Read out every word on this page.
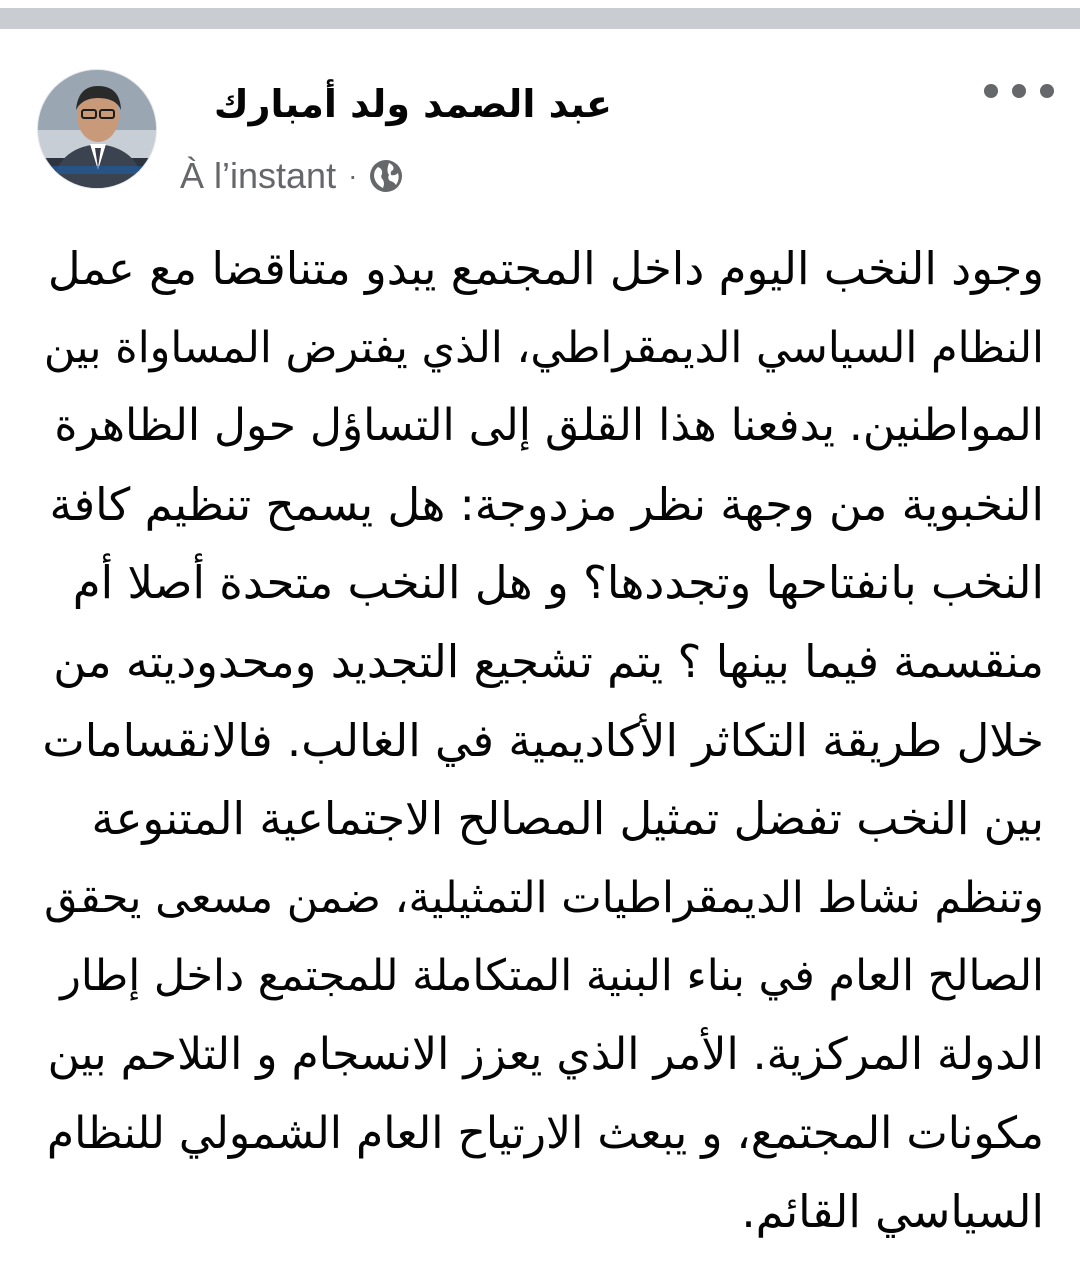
عبد الصمد ولد أمبارك
À l’instant ·
وجود النخب اليوم داخل المجتمع يبدو متناقضا مع عمل
النظام السياسي الديمقراطي، الذي يفترض المساواة بين
المواطنين. يدفعنا هذا القلق إلى التساؤل حول الظاهرة
النخبوية من وجهة نظر مزدوجة: هل يسمح تنظيم كافة
النخب بانفتاحها وتجددها؟ و هل النخب متحدة أصلا أم
منقسمة فيما بينها ؟ يتم تشجيع التجديد ومحدوديته من
خلال طريقة التكاثر الأكاديمية في الغالب. فالانقسامات
بين النخب تفضل تمثيل المصالح الاجتماعية المتنوعة
وتنظم نشاط الديمقراطيات التمثيلية، ضمن مسعى يحقق
الصالح العام في بناء البنية المتكاملة للمجتمع داخل إطار
الدولة المركزية. الأمر الذي يعزز الانسجام و التلاحم بين
مكونات المجتمع، و يبعث الارتياح العام الشمولي للنظام
السياسي القائم.
